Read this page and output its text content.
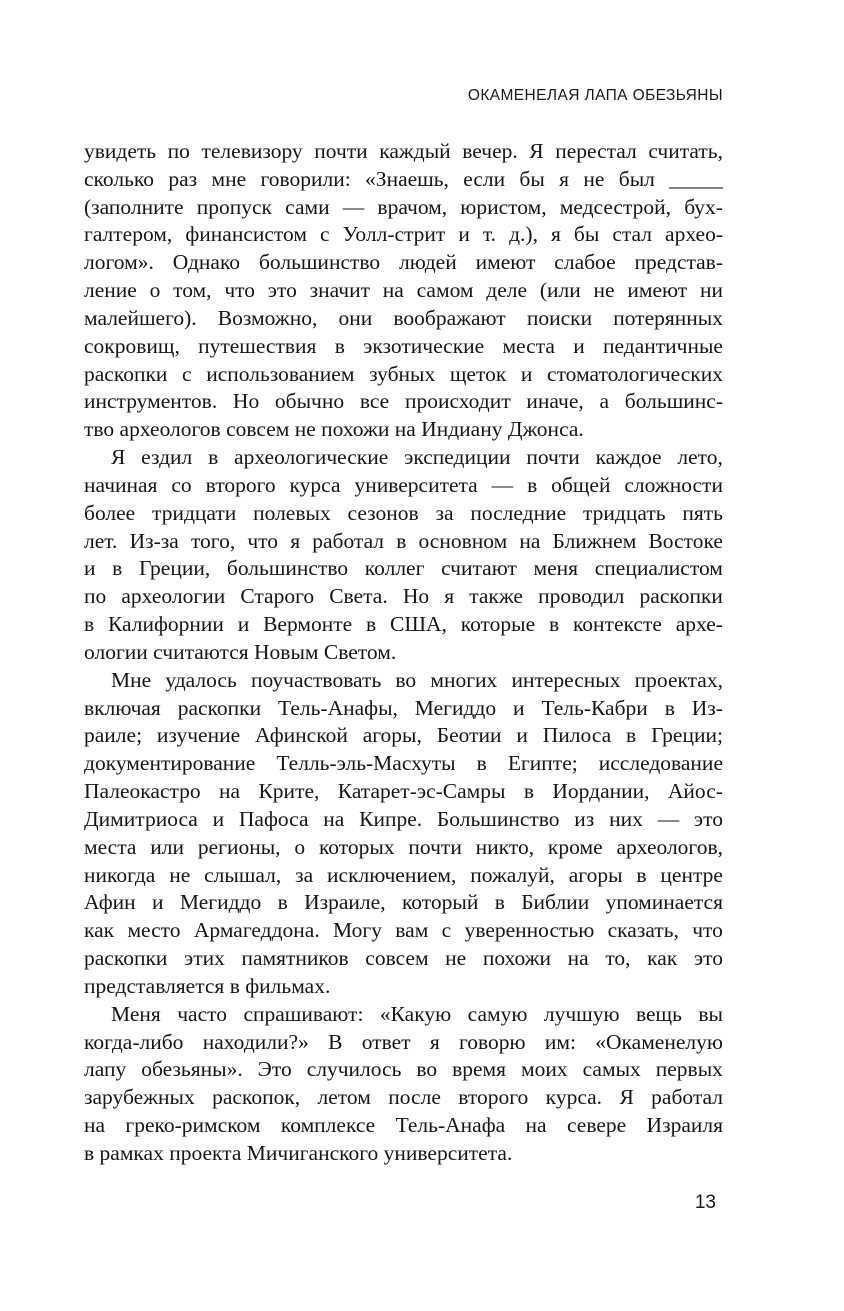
ОКАМЕНЕЛАЯ ЛАПА ОБЕЗЬЯНЫ
увидеть по телевизору почти каждый вечер. Я перестал считать,
сколько раз мне говорили: «Знаешь, если бы я не был _____
(заполните пропуск сами — врачом, юристом, медсестрой, бух-
галтером, финансистом с Уолл-стрит и т. д.), я бы стал архео-
логом». Однако большинство людей имеют слабое представ-
ление о том, что это значит на самом деле (или не имеют ни
малейшего). Возможно, они воображают поиски потерянных
сокровищ, путешествия в экзотические места и педантичные
раскопки с использованием зубных щеток и стоматологических
инструментов. Но обычно все происходит иначе, а большинс-
тво археологов совсем не похожи на Индиану Джонса.
Я ездил в археологические экспедиции почти каждое лето,
начиная со второго курса университета — в общей сложности
более тридцати полевых сезонов за последние тридцать пять
лет. Из-за того, что я работал в основном на Ближнем Востоке
и в Греции, большинство коллег считают меня специалистом
по археологии Старого Света. Но я также проводил раскопки
в Калифорнии и Вермонте в США, которые в контексте архе-
ологии считаются Новым Светом.
Мне удалось поучаствовать во многих интересных проектах,
включая раскопки Тель-Анафы, Мегиддо и Тель-Кабри в Из-
раиле; изучение Афинской агоры, Беотии и Пилоса в Греции;
документирование Телль-эль-Масхуты в Египте; исследование
Палеокастро на Крите, Катарет-эс-Самры в Иордании, Айос-
Димитриоса и Пафоса на Кипре. Большинство из них — это
места или регионы, о которых почти никто, кроме археологов,
никогда не слышал, за исключением, пожалуй, агоры в центре
Афин и Мегиддо в Израиле, который в Библии упоминается
как место Армагеддона. Могу вам с уверенностью сказать, что
раскопки этих памятников совсем не похожи на то, как это
представляется в фильмах.
Меня часто спрашивают: «Какую самую лучшую вещь вы
когда-либо находили?» В ответ я говорю им: «Окаменелую
лапу обезьяны». Это случилось во время моих самых первых
зарубежных раскопок, летом после второго курса. Я работал
на греко-римском комплексе Тель-Анафа на севере Израиля
в рамках проекта Мичиганского университета.
13
